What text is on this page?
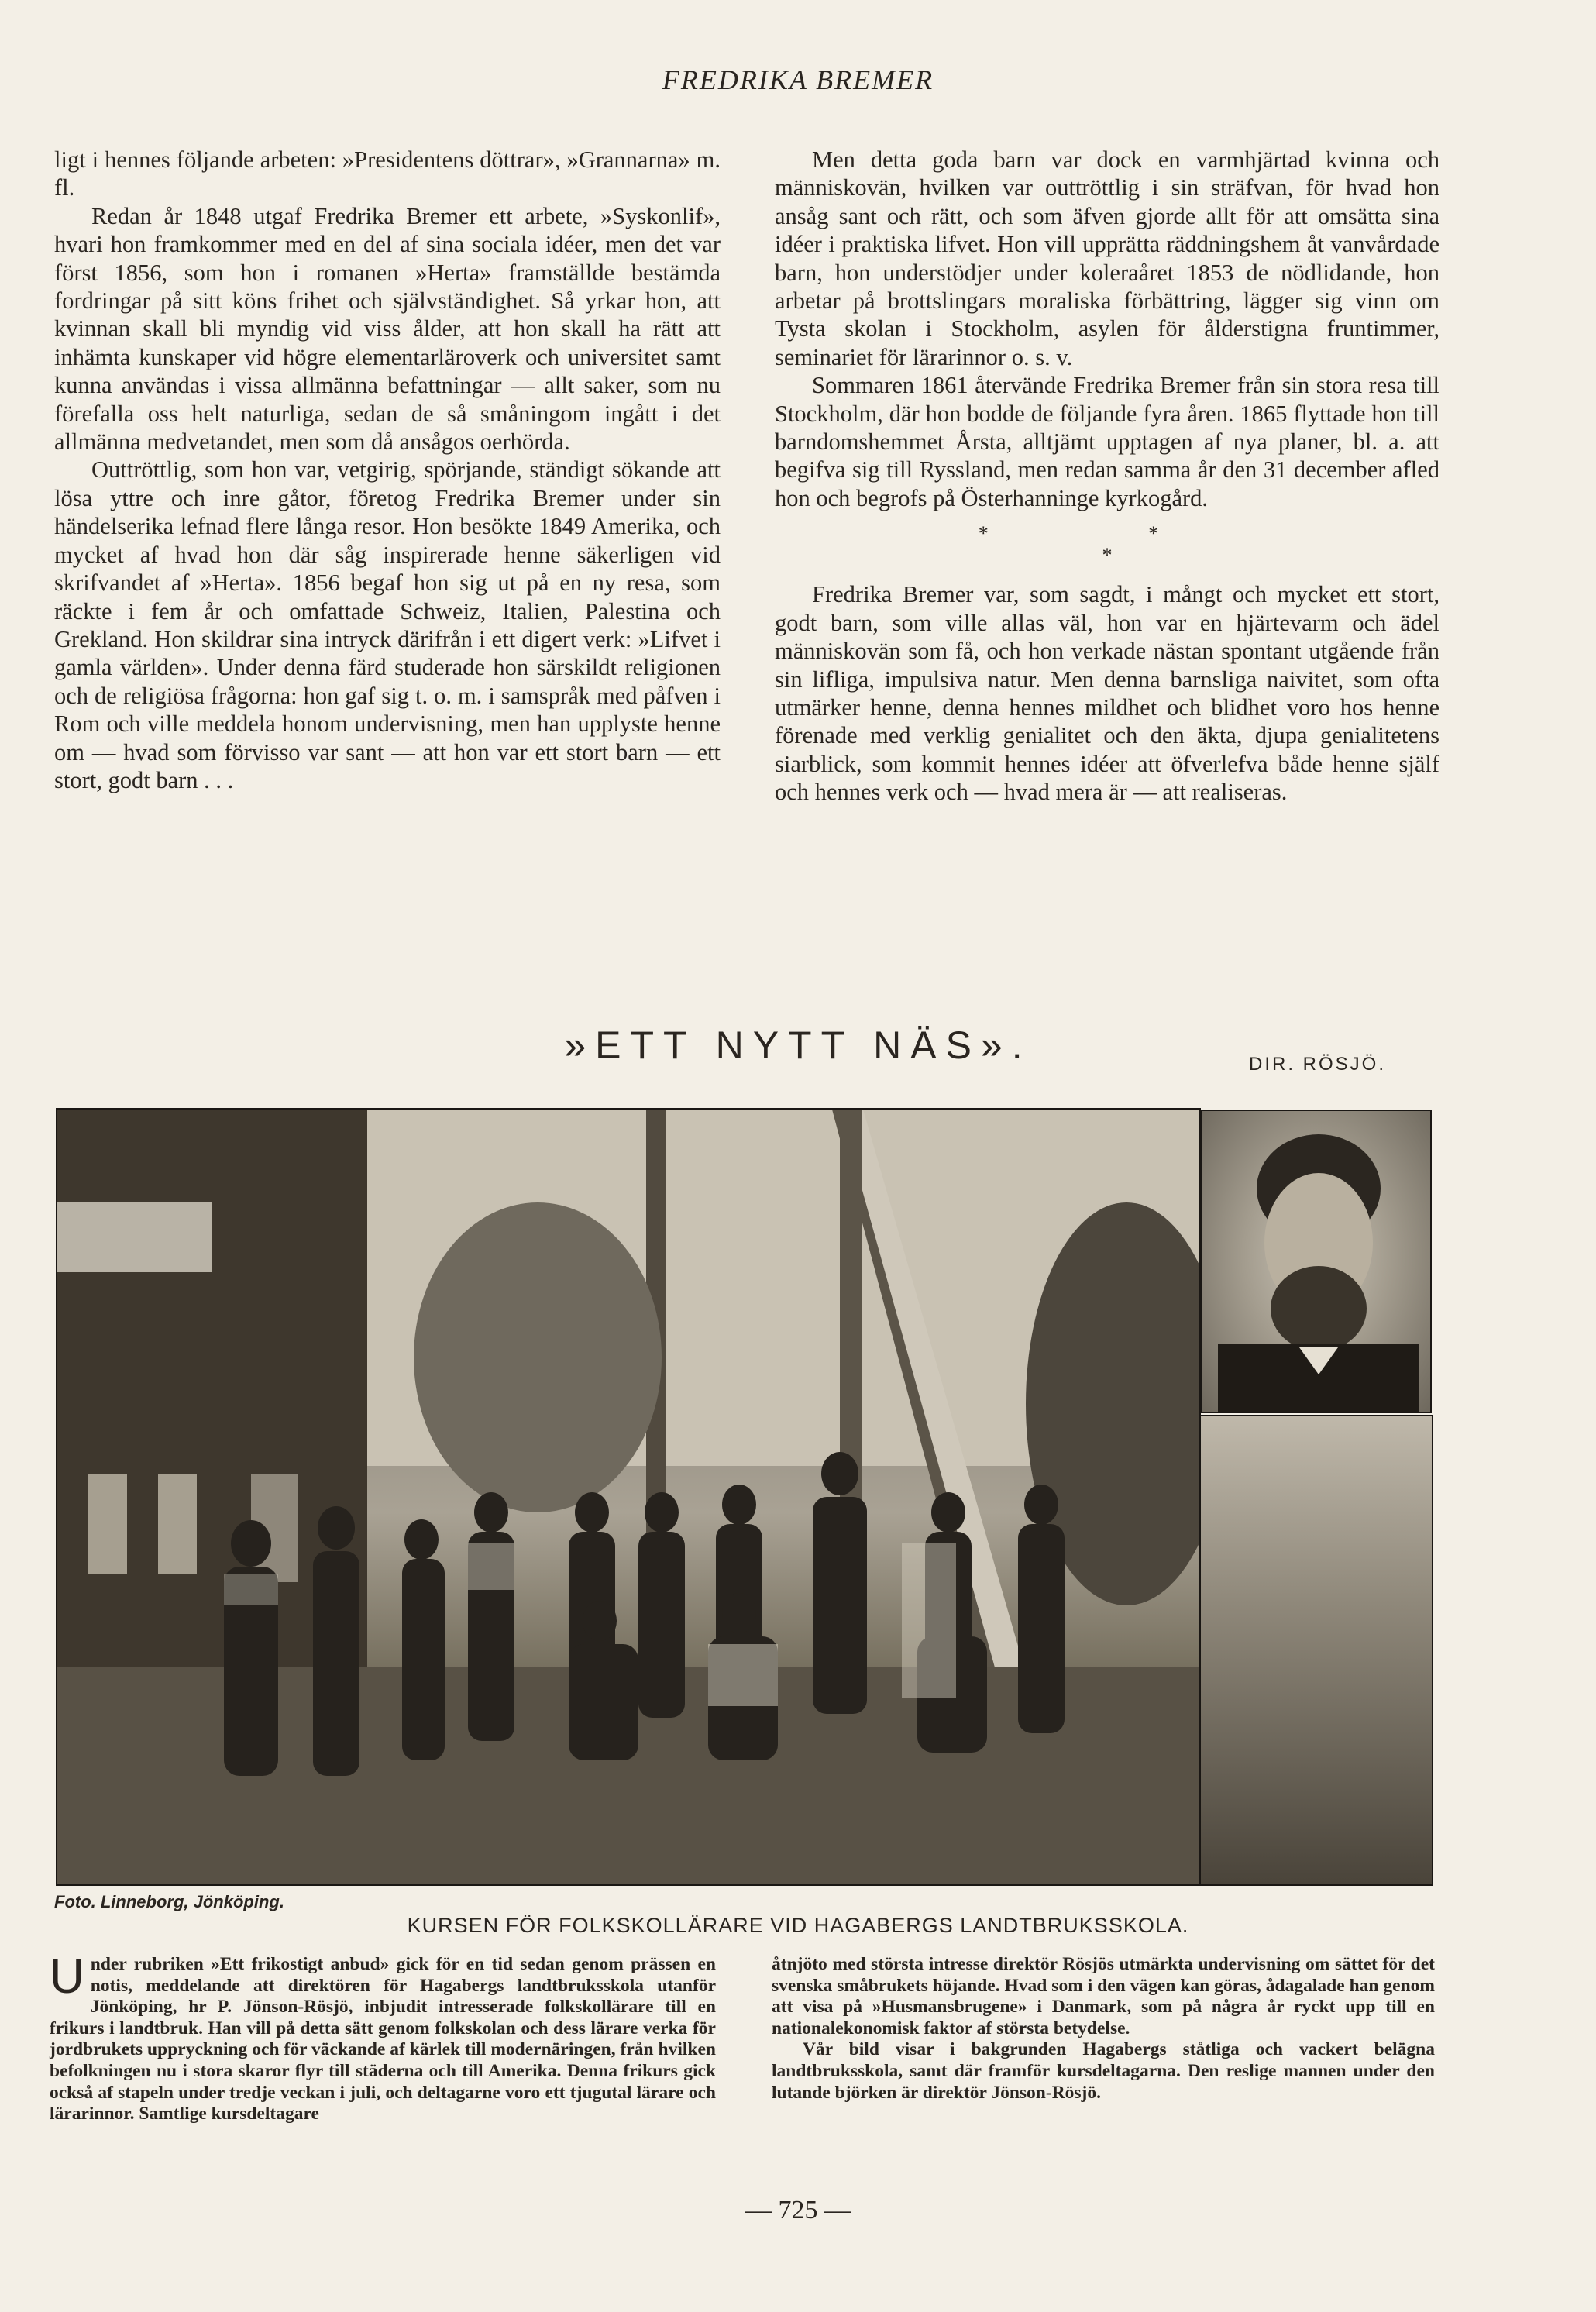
FREDRIKA BREMER

ligt i hennes följande arbeten: »Presidentens döttrar», »Grannarna» m. fl.

Redan år 1848 utgaf Fredrika Bremer ett arbete, »Syskonlif», hvari hon framkommer med en del af sina sociala idéer, men det var först 1856, som hon i romanen »Herta» framställde bestämda fordringar på sitt köns frihet och självständighet. Så yrkar hon, att kvinnan skall bli myndig vid viss ålder, att hon skall ha rätt att inhämta kunskaper vid högre elementarläroverk och universitet samt kunna användas i vissa allmänna befattningar — allt saker, som nu förefalla oss helt naturliga, sedan de så småningom ingått i det allmänna medvetandet, men som då ansågos oerhörda.

Outtröttlig, som hon var, vetgirig, spörjande, ständigt sökande att lösa yttre och inre gåtor, företog Fredrika Bremer under sin händelserika lefnad flere långa resor. Hon besökte 1849 Amerika, och mycket af hvad hon där såg inspirerade henne säkerligen vid skrifvandet af »Herta». 1856 begaf hon sig ut på en ny resa, som räckte i fem år och omfattade Schweiz, Italien, Palestina och Grekland. Hon skildrar sina intryck därifrån i ett digert verk: »Lifvet i gamla världen». Under denna färd studerade hon särskildt religionen och de religiösa frågorna: hon gaf sig t. o. m. i samspråk med påfven i Rom och ville meddela honom undervisning, men han upplyste henne om — hvad som förvisso var sant — att hon var ett stort barn — ett stort, godt barn . . .

Men detta goda barn var dock en varmhjärtad kvinna och människovän, hvilken var outtröttlig i sin sträfvan, för hvad hon ansåg sant och rätt, och som äfven gjorde allt för att omsätta sina idéer i praktiska lifvet. Hon vill upprätta räddningshem åt vanvårdade barn, hon understödjer under koleraåret 1853 de nödlidande, hon arbetar på brottslingars moraliska förbättring, lägger sig vinn om Tysta skolan i Stockholm, asylen för ålderstigna fruntimmer, seminariet för lärarinnor o. s. v.

Sommaren 1861 återvände Fredrika Bremer från sin stora resa till Stockholm, där hon bodde de följande fyra åren. 1865 flyttade hon till barndomshemmet Årsta, alltjämt upptagen af nya planer, bl. a. att begifva sig till Ryssland, men redan samma år den 31 december afled hon och begrofs på Österhanninge kyrkogård.

* *
*

Fredrika Bremer var, som sagdt, i mångt och mycket ett stort, godt barn, som ville allas väl, hon var en hjärtevarm och ädel människovän som få, och hon verkade nästan spontant utgående från sin lifliga, impulsiva natur. Men denna barnsliga naivitet, som ofta utmärker henne, denna hennes mildhet och blidhet voro hos henne förenade med verklig genialitet och den äkta, djupa genialitetens siarblick, som kommit hennes idéer att öfverlefva både henne själf och hennes verk och — hvad mera är — att realiseras.

»ETT NYTT NÄS».	DIR. RÖSJÖ.
Foto. Linneborg, Jönköping.
KURSEN FÖR FOLKSKOLLÄRARE VID HAGABERGS LANDTBRUKSSKOLA.
U nder rubriken »Ett frikostigt anbud» gick för en tid sedan genom prässen en notis, meddelande att direktören för Hagabergs landtbruksskola utanför Jönköping, hr P. Jönson-Rösjö, inbjudit intresserade folkskollärare till en frikurs i landtbruk. Han vill på detta sätt genom folkskolan och dess lärare verka för jordbrukets uppryckning och för väckande af kärlek till modernäringen, från hvilken befolkningen nu i stora skaror flyr till städerna och till Amerika. Denna frikurs gick också af stapeln under tredje veckan i juli, och deltagarne voro ett tjugutal lärare och lärarinnor. Samtlige kursdeltagare

åtnjöto med största intresse direktör Rösjös utmärkta undervisning om sättet för det svenska småbrukets höjande. Hvad som i den vägen kan göras, ådagalade han genom att visa på »Husmansbrugene» i Danmark, som på några år ryckt upp till en nationalekonomisk faktor af största betydelse.

Vår bild visar i bakgrunden Hagabergs ståtliga och vackert belägna landtbruksskola, samt där framför kursdeltagarna. Den reslige mannen under den lutande björken är direktör Jönson-Rösjö.

— 725 —
